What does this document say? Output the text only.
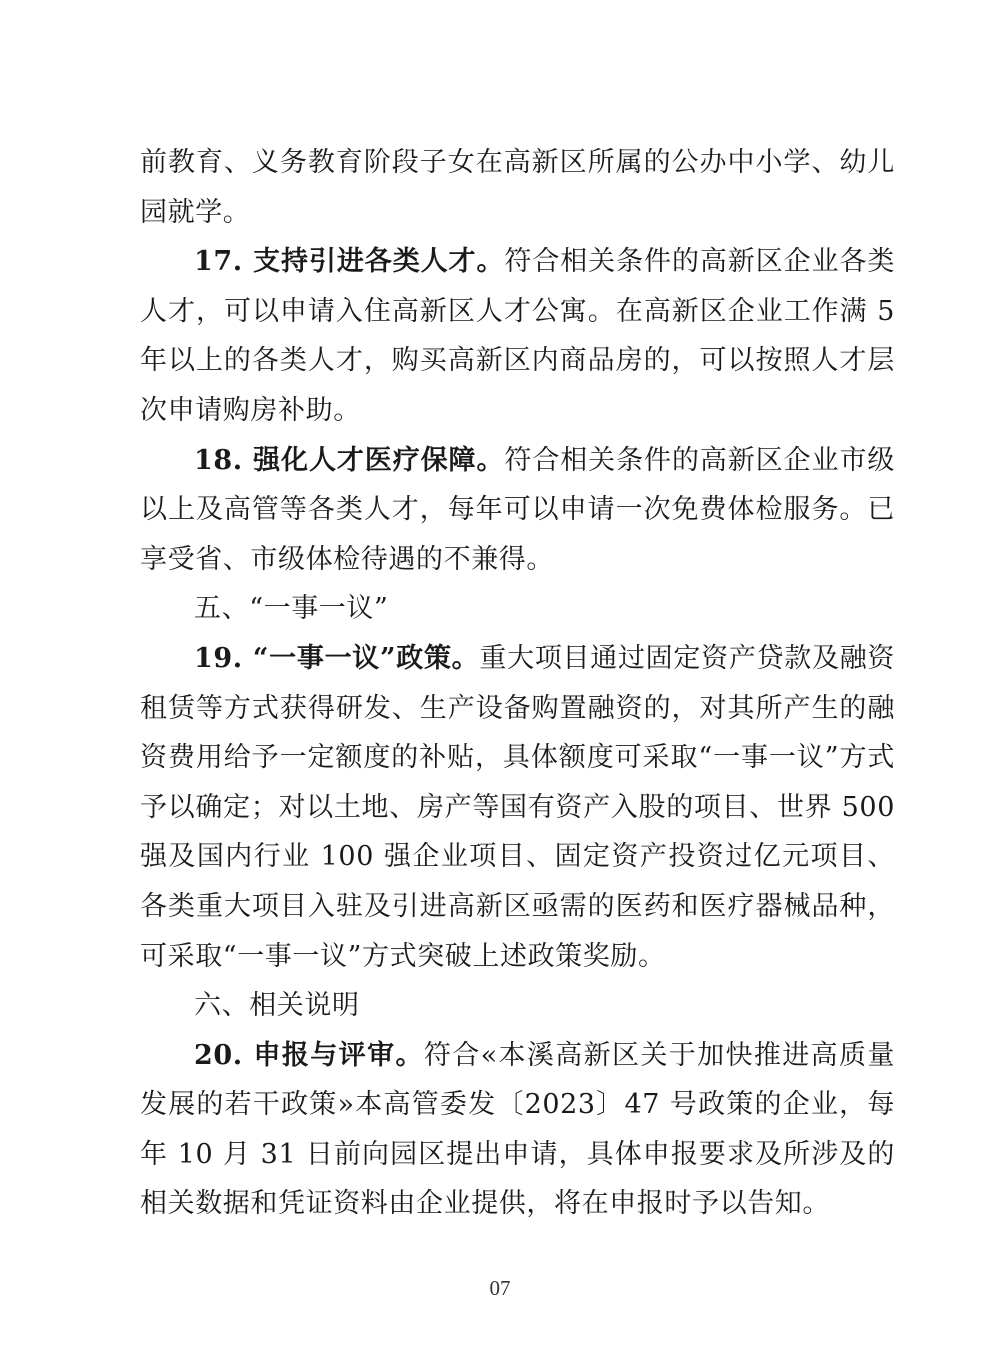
前教育、义务教育阶段子女在高新区所属的公办中小学、幼儿园就学。

17. 支持引进各类人才。符合相关条件的高新区企业各类人才，可以申请入住高新区人才公寓。在高新区企业工作满 5 年以上的各类人才，购买高新区内商品房的，可以按照人才层次申请购房补助。

18. 强化人才医疗保障。符合相关条件的高新区企业市级以上及高管等各类人才，每年可以申请一次免费体检服务。已享受省、市级体检待遇的不兼得。

五、“一事一议”

19. “一事一议”政策。重大项目通过固定资产贷款及融资租赁等方式获得研发、生产设备购置融资的，对其所产生的融资费用给予一定额度的补贴，具体额度可采取“一事一议”方式予以确定；对以土地、房产等国有资产入股的项目、世界 500 强及国内行业 100 强企业项目、固定资产投资过亿元项目、各类重大项目入驻及引进高新区亟需的医药和医疗器械品种，可采取“一事一议”方式突破上述政策奖励。

六、相关说明

20. 申报与评审。符合«本溪高新区关于加快推进高质量发展的若干政策»本高管委发〔2023〕47 号政策的企业，每年 10 月 31 日前向园区提出申请，具体申报要求及所涉及的相关数据和凭证资料由企业提供，将在申报时予以告知。

07
